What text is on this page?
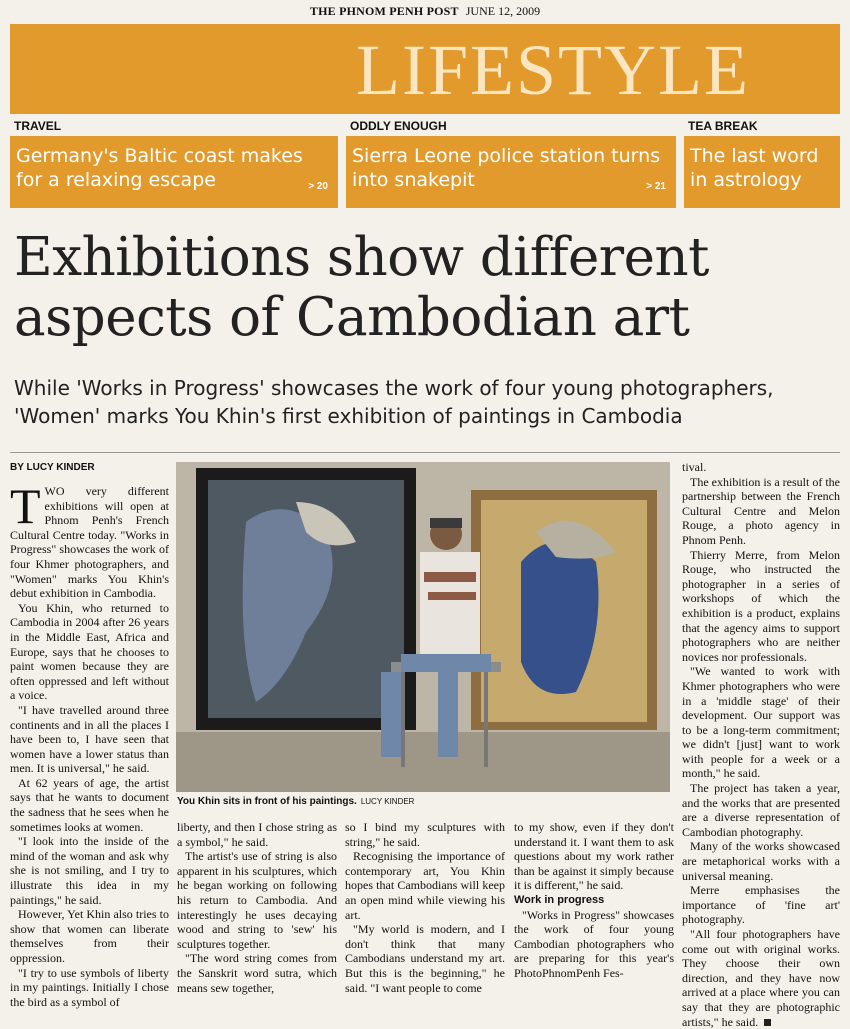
THE PHNOM PENH POST JUNE 12, 2009
LIFESTYLE
TRAVEL
Germany's Baltic coast makes for a relaxing escape	> 20
ODDLY ENOUGH
Sierra Leone police station turns into snakepit	> 21
TEA BREAK
The last word in astrology
Exhibitions show different aspects of Cambodian art
While 'Works in Progress' showcases the work of four young photographers, 'Women' marks You Khin's first exhibition of paintings in Cambodia
BY LUCY KINDER

TWO very different exhibitions will open at Phnom Penh's French Cultural Centre today. "Works in Progress" showcases the work of four Khmer photographers, and "Women" marks You Khin's debut exhibition in Cambodia.

You Khin, who returned to Cambodia in 2004 after 26 years in the Middle East, Africa and Europe, says that he chooses to paint women because they are often oppressed and left without a voice.

"I have travelled around three continents and in all the places I have been to, I have seen that women have a lower status than men. It is universal," he said.

At 62 years of age, the artist says that he wants to document the sadness that he sees when he sometimes looks at women.

"I look into the inside of the mind of the woman and ask why she is not smiling, and I try to illustrate this idea in my paintings," he said.

However, Yet Khin also tries to show that women can liberate themselves from their oppression.

"I try to use symbols of liberty in my paintings. Initially I chose the bird as a symbol of

You Khin sits in front of his paintings. LUCY KINDER

liberty, and then I chose string as a symbol," he said.

The artist's use of string is also apparent in his sculptures, which he began working on following his return to Cambodia. And interestingly he uses decaying wood and string to 'sew' his sculptures together.

"The word string comes from the Sanskrit word sutra, which means sew together,

so I bind my sculptures with string," he said.

Recognising the importance of contemporary art, You Khin hopes that Cambodians will keep an open mind while viewing his art.

"My world is modern, and I don't think that many Cambodians understand my art. But this is the beginning," he said. "I want people to come

to my show, even if they don't understand it. I want them to ask questions about my work rather than be against it simply because it is different," he said.

Work in progress

"Works in Progress" showcases the work of four young Cambodian photographers who are preparing for this year's PhotoPhnomPenh Fes-

tival.

The exhibition is a result of the partnership between the French Cultural Centre and Melon Rouge, a photo agency in Phnom Penh.

Thierry Merre, from Melon Rouge, who instructed the photographer in a series of workshops of which the exhibition is a product, explains that the agency aims to support photographers who are neither novices nor professionals.

"We wanted to work with Khmer photographers who were in a 'middle stage' of their development. Our support was to be a long-term commitment; we didn't [just] want to work with people for a week or a month," he said.

The project has taken a year, and the works that are presented are a diverse representation of Cambodian photography.

Many of the works showcased are metaphorical works with a universal meaning.

Merre emphasises the importance of 'fine art' photography.

"All four photographers have come out with original works. They choose their own direction, and they have now arrived at a place where you can say that they are photographic artists," he said.
